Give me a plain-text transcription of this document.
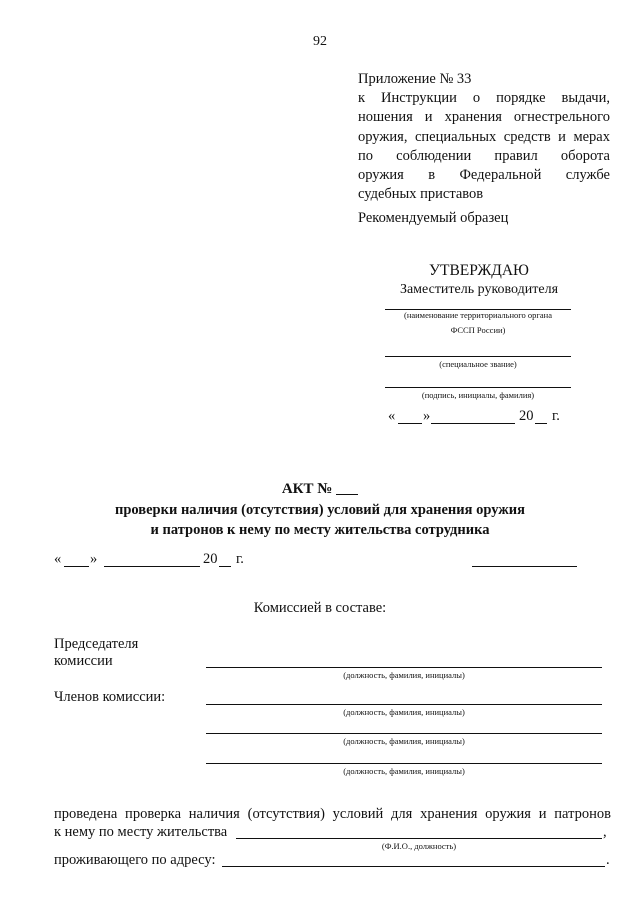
92
Приложение № 33
к Инструкции о порядке выдачи,
ношения и хранения огнестрельного
оружия, специальных средств и мерах
по соблюдении правил оборота
оружия в Федеральной службе
судебных приставов
Рекомендуемый образец
УТВЕРЖДАЮ
Заместитель руководителя
(наименование территориального органа
ФССП России)
(специальное звание)
(подпись, инициалы, фамилия)
« »	20 г.
АКТ №
проверки наличия (отсутствия) условий для хранения оружия
и патронов к нему по месту жительства сотрудника
« »	20 г.
Комиссией в составе:
Председателя
комиссии
(должность, фамилия, инициалы)
Членов комиссии:
(должность, фамилия, инициалы)
(должность, фамилия, инициалы)
(должность, фамилия, инициалы)
проведена проверка наличия (отсутствия) условий для хранения оружия и патронов
к нему по месту жительства	,
(Ф.И.О., должность)
проживающего по адресу:	.
